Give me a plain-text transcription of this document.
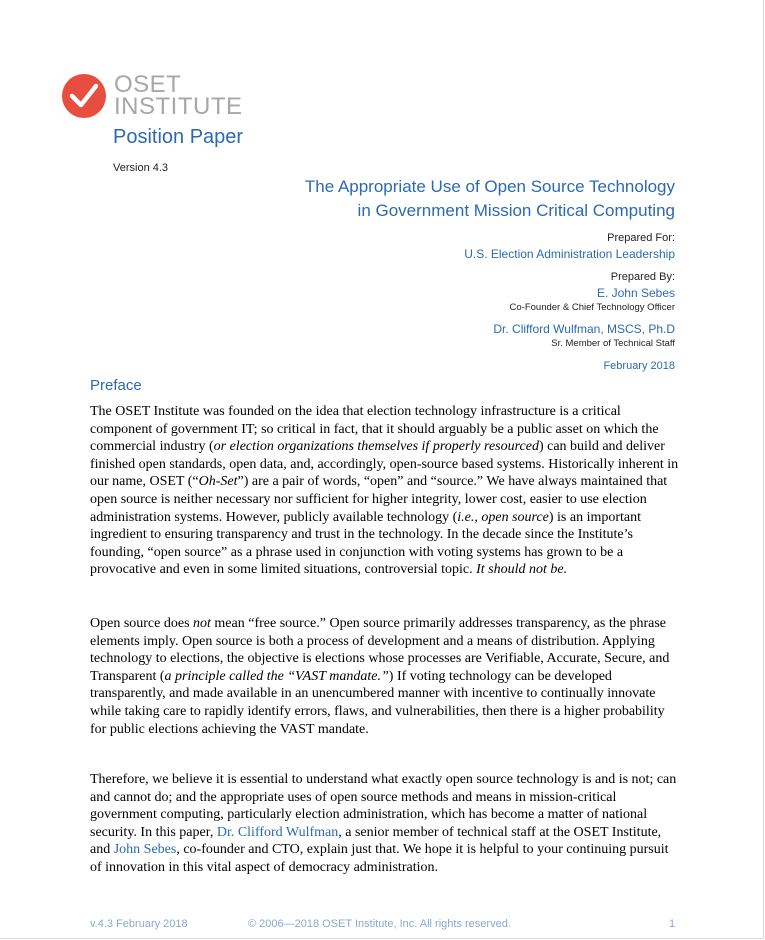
OSET
INSTITUTE
Position Paper
Version 4.3
The Appropriate Use of Open Source Technology
in Government Mission Critical Computing
Prepared For:
U.S. Election Administration Leadership
Prepared By:
E. John Sebes
Co-Founder & Chief Technology Officer
Dr. Clifford Wulfman, MSCS, Ph.D
Sr. Member of Technical Staff
February 2018
Preface

The OSET Institute was founded on the idea that election technology infrastructure is a critical component of government IT; so critical in fact, that it should arguably be a public asset on which the commercial industry (or election organizations themselves if properly resourced) can build and deliver finished open standards, open data, and, accordingly, open-source based systems. Historically inherent in our name, OSET (“Oh-Set”) are a pair of words, “open” and “source.” We have always maintained that open source is neither necessary nor sufficient for higher integrity, lower cost, easier to use election administration systems. However, publicly available technology (i.e., open source) is an important ingredient to ensuring transparency and trust in the technology. In the decade since the Institute’s founding, “open source” as a phrase used in conjunction with voting systems has grown to be a provocative and even in some limited situations, controversial topic. It should not be.

Open source does not mean “free source.” Open source primarily addresses transparency, as the phrase elements imply. Open source is both a process of development and a means of distribution. Applying technology to elections, the objective is elections whose processes are Verifiable, Accurate, Secure, and Transparent (a principle called the “VAST mandate.”) If voting technology can be developed transparently, and made available in an unencumbered manner with incentive to continually innovate while taking care to rapidly identify errors, flaws, and vulnerabilities, then there is a higher probability for public elections achieving the VAST mandate.

Therefore, we believe it is essential to understand what exactly open source technology is and is not; can and cannot do; and the appropriate uses of open source methods and means in mission-critical government computing, particularly election administration, which has become a matter of national security. In this paper, Dr. Clifford Wulfman, a senior member of technical staff at the OSET Institute, and John Sebes, co-founder and CTO, explain just that. We hope it is helpful to your continuing pursuit of innovation in this vital aspect of democracy administration.

v.4.3 February 2018	© 2006—2018 OSET Institute, Inc. All rights reserved.	1
